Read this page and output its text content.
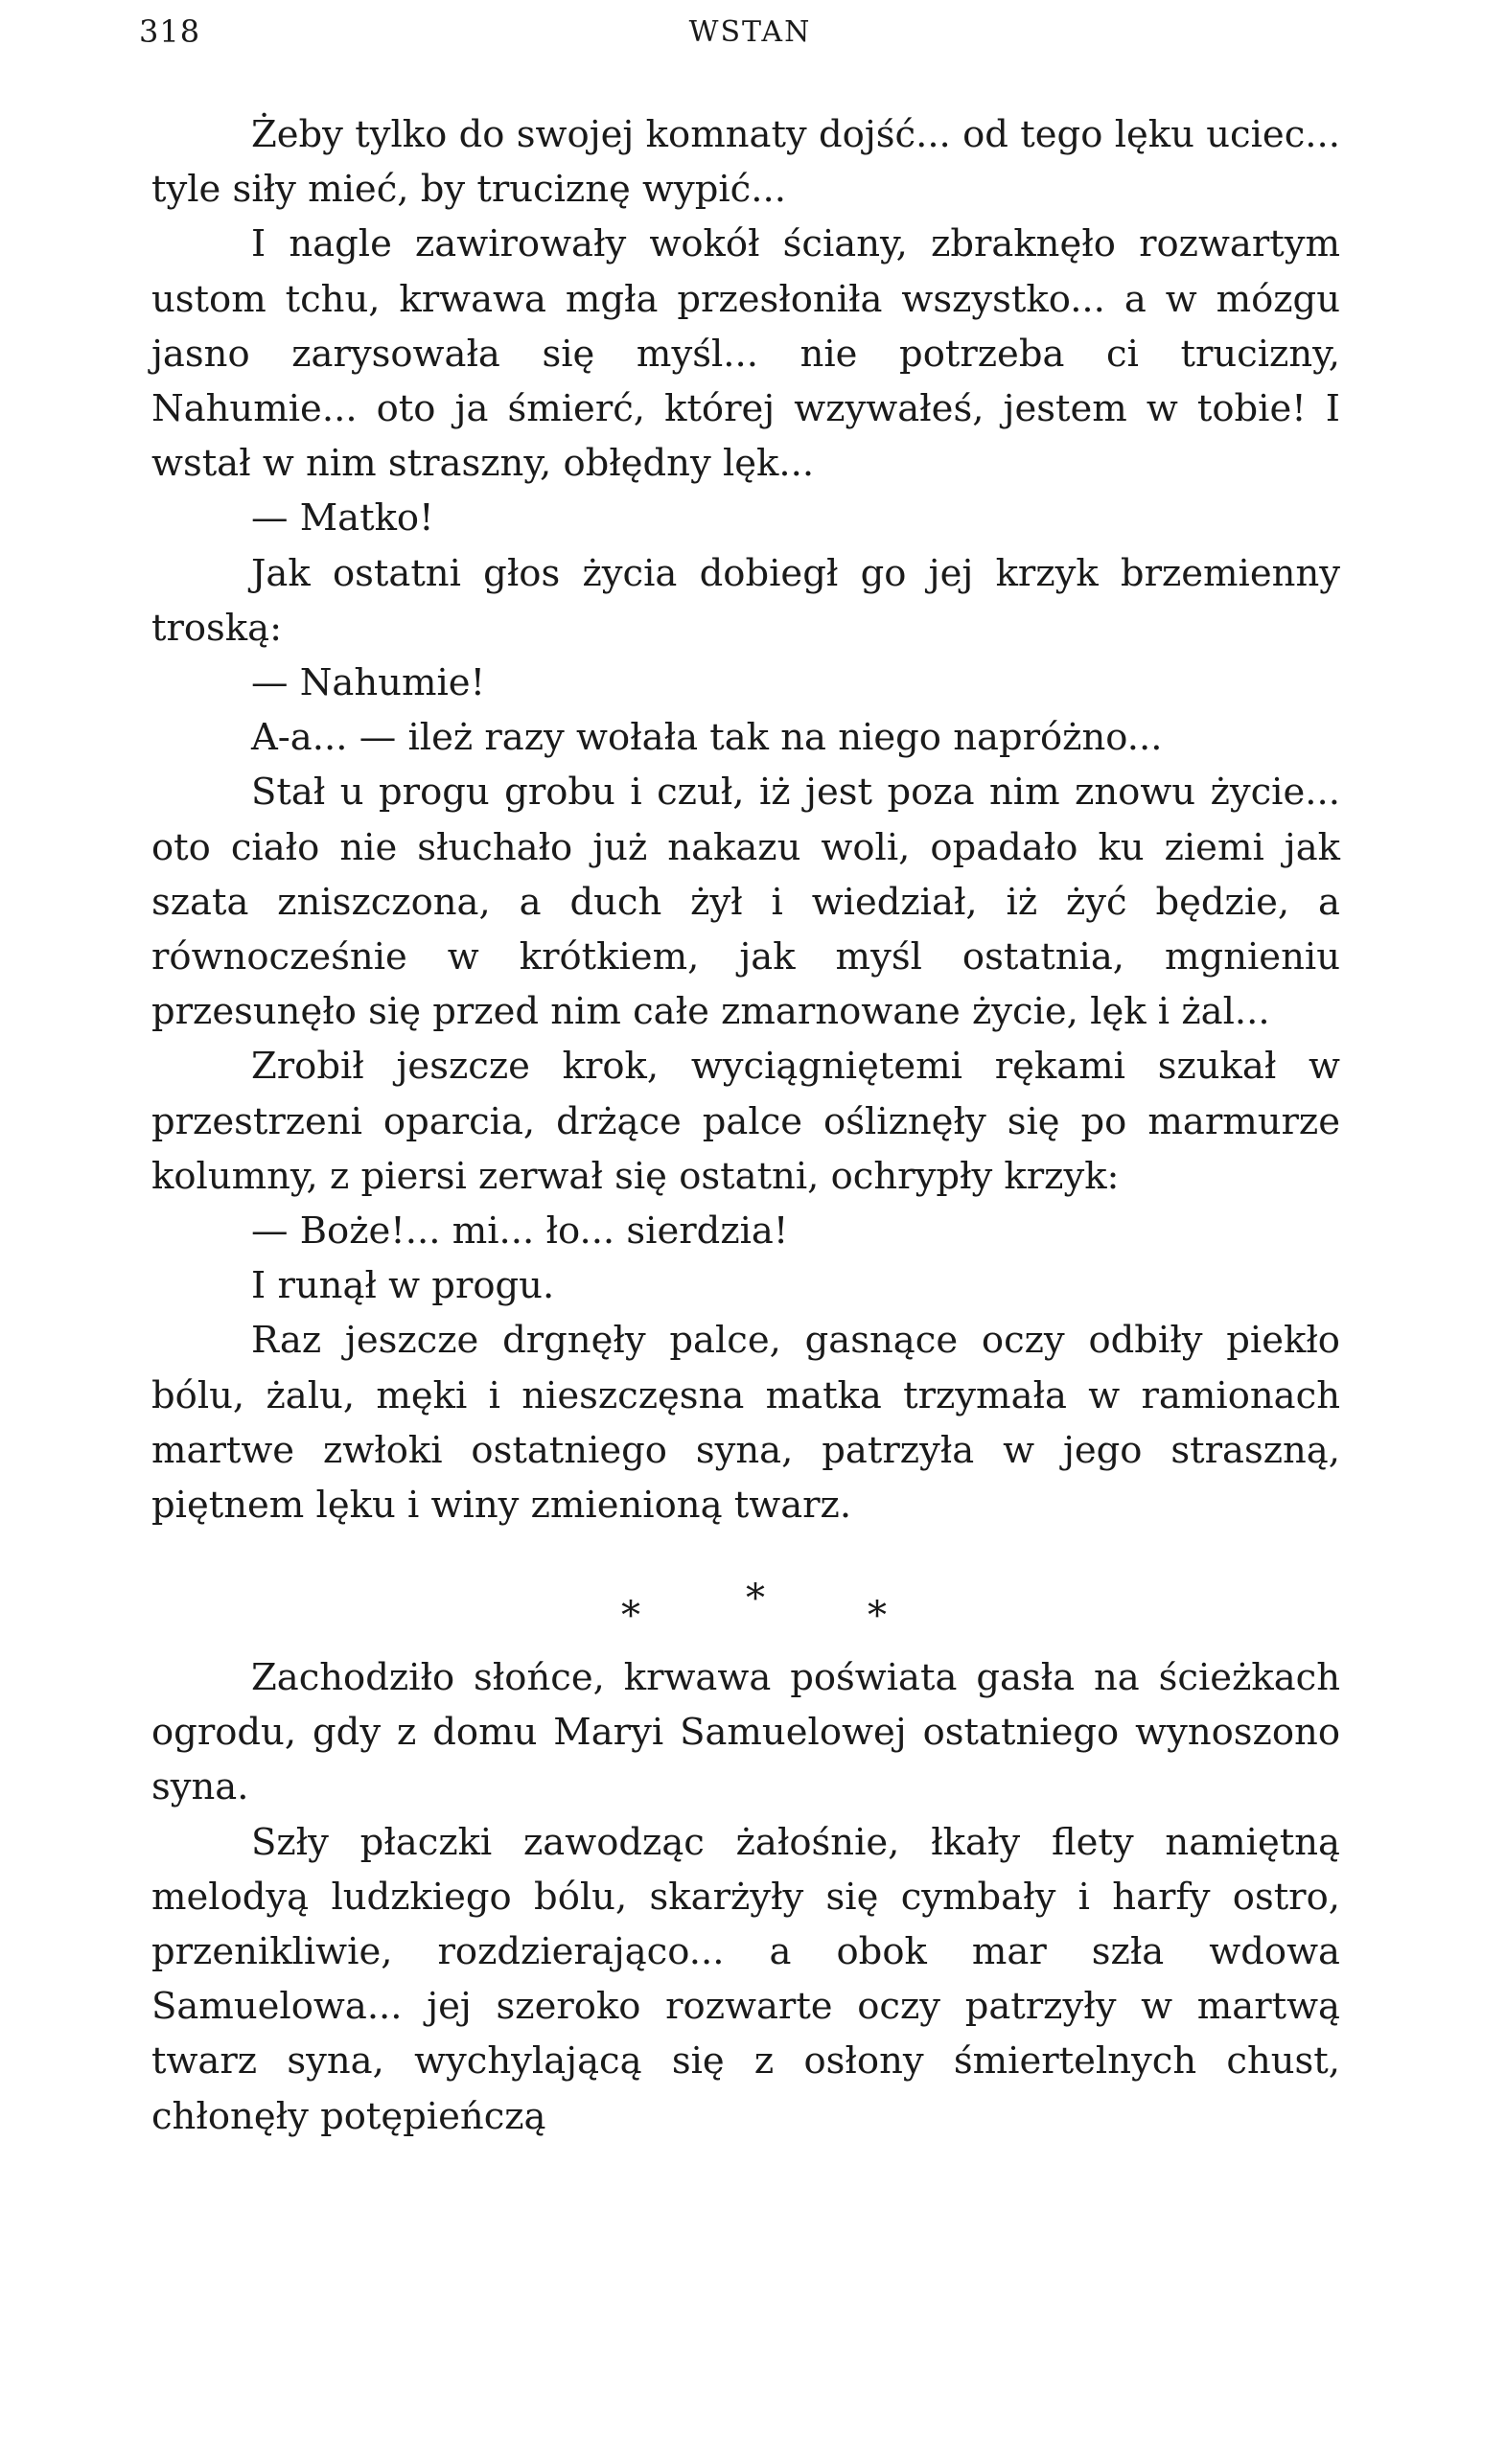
318	WSTAN

Żeby tylko do swojej komnaty dojść... od tego lęku uciec... tyle siły mieć, by truciznę wypić...

I nagle zawirowały wokół ściany, zbraknęło rozwartym ustom tchu, krwawa mgła przesłoniła wszystko... a w mózgu jasno zarysowała się myśl... nie potrzeba ci trucizny, Nahumie... oto ja śmierć, której wzywałeś, jestem w tobie! I wstał w nim straszny, obłędny lęk...

— Matko!

Jak ostatni głos życia dobiegł go jej krzyk brzemienny troską:

— Nahumie!

A-a... — ileż razy wołała tak na niego napróżno...

Stał u progu grobu i czuł, iż jest poza nim znowu życie... oto ciało nie słuchało już nakazu woli, opadało ku ziemi jak szata zniszczona, a duch żył i wiedział, iż żyć będzie, a równocześnie w krótkiem, jak myśl ostatnia, mgnieniu przesunęło się przed nim całe zmarnowane życie, lęk i żal...

Zrobił jeszcze krok, wyciągniętemi rękami szukał w przestrzeni oparcia, drżące palce ośliznęły się po marmurze kolumny, z piersi zerwał się ostatni, ochrypły krzyk:

— Boże!... mi... ło... sierdzia!

I runął w progu.

Raz jeszcze drgnęły palce, gasnące oczy odbiły piekło bólu, żalu, męki i nieszczęsna matka trzymała w ramionach martwe zwłoki ostatniego syna, patrzyła w jego straszną, piętnem lęku i winy zmienioną twarz.

*	*	*

Zachodziło słońce, krwawa poświata gasła na ścieżkach ogrodu, gdy z domu Maryi Samuelowej ostatniego wynoszono syna.

Szły płaczki zawodząc żałośnie, łkały flety namiętną melodyą ludzkiego bólu, skarżyły się cymbały i harfy ostro, przenikliwie, rozdzierająco... a obok mar szła wdowa Samuelowa... jej szeroko rozwarte oczy patrzyły w martwą twarz syna, wychylającą się z osłony śmiertelnych chust, chłonęły potępieńczą
